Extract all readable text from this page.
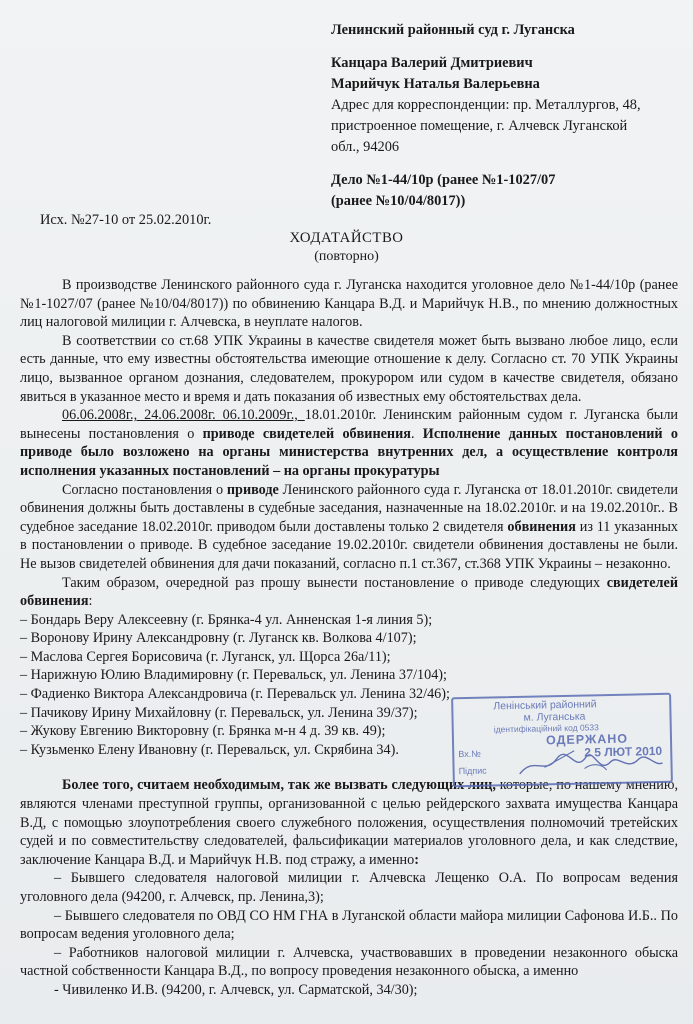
Ленинский районный суд г. Луганска
Канцара Валерий Дмитриевич
Марийчук Наталья Валерьевна
Адрес для корреспонденции: пр. Металлургов, 48,
пристроенное помещение, г. Алчевск Луганской
обл., 94206
Дело №1-44/10р (ранее №1-1027/07
(ранее №10/04/8017))
Исх. №27-10 от 25.02.2010г.
ХОДАТАЙСТВО
(повторно)

В производстве Ленинского районного суда г. Луганска находится уголовное дело №1-44/10р (ранее №1-1027/07 (ранее №10/04/8017)) по обвинению Канцара В.Д. и Марийчук Н.В., по мнению должностных лиц налоговой милиции г. Алчевска, в неуплате налогов.

В соответствии со ст.68 УПК Украины в качестве свидетеля может быть вызвано любое лицо, если есть данные, что ему известны обстоятельства имеющие отношение к делу. Согласно ст. 70 УПК Украины лицо, вызванное органом дознания, следователем, прокурором или судом в качестве свидетеля, обязано явиться в указанное место и время и дать показания об известных ему обстоятельствах дела.

06.06.2008г., 24.06.2008г. 06.10.2009г., 18.01.2010г. Ленинским районным судом г. Луганска были вынесены постановления о приводе свидетелей обвинения. Исполнение данных постановлений о приводе было возложено на органы министерства внутренних дел, а осуществление контроля исполнения указанных постановлений – на органы прокуратуры

Согласно постановления о приводе Ленинского районного суда г. Луганска от 18.01.2010г. свидетели обвинения должны быть доставлены в судебные заседания, назначенные на 18.02.2010г. и на 19.02.2010г.. В судебное заседание 18.02.2010г. приводом были доставлены только 2 свидетеля обвинения из 11 указанных в постановлении о приводе. В судебное заседание 19.02.2010г. свидетели обвинения доставлены не были. Не вызов свидетелей обвинения для дачи показаний, согласно п.1 ст.367, ст.368 УПК Украины – незаконно.

Таким образом, очередной раз прошу вынести постановление о приводе следующих свидетелей обвинения:

– Бондарь Веру Алексеевну (г. Брянка-4 ул. Анненская 1-я линия 5);

– Воронову Ирину Александровну (г. Луганск кв. Волкова 4/107);

– Маслова Сергея Борисовича (г. Луганск, ул. Щорса 26а/11);

– Нарижную Юлию Владимировну (г. Перевальск, ул. Ленина 37/104);

– Фадиенко Виктора Александровича (г. Перевальск ул. Ленина 32/46);

– Пачикову Ирину Михайловну (г. Перевальск, ул. Ленина 39/37);

– Жукову Евгению Викторовну (г. Брянка м-н 4 д. 39 кв. 49);

– Кузьменко Елену Ивановну (г. Перевальск, ул. Скрябина 34).

Более того, считаем необходимым, так же вызвать следующих лиц, которые, по нашему мнению, являются членами преступной группы, организованной с целью рейдерского захвата имущества Канцара В.Д, с помощью злоупотребления своего служебного положения, осуществления полномочий третейских судей и по совместительству следователей, фальсификации материалов уголовного дела, и как следствие, заключение Канцара В.Д. и Марийчук Н.В. под стражу, а именно:

– Бывшего следователя налоговой милиции г. Алчевска Лещенко О.А. По вопросам ведения уголовного дела (94200, г. Алчевск, пр. Ленина,3);

– Бывшего следователя по ОВД СО НМ ГНА в Луганской области майора милиции Сафонова И.Б.. По вопросам ведения уголовного дела;

– Работников налоговой милиции г. Алчевска, участвовавших в проведении незаконного обыска частной собственности Канцара В.Д., по вопросу проведения незаконного обыска, а именно

- Чивиленко И.В. (94200, г. Алчевск, ул. Сарматской, 34/30);

Ленінський районний
м. Луганська
ідентифікаційний код 0533
ОДЕРЖАНО
Вх.№	2 5 ЛЮТ 2010
Підпис
